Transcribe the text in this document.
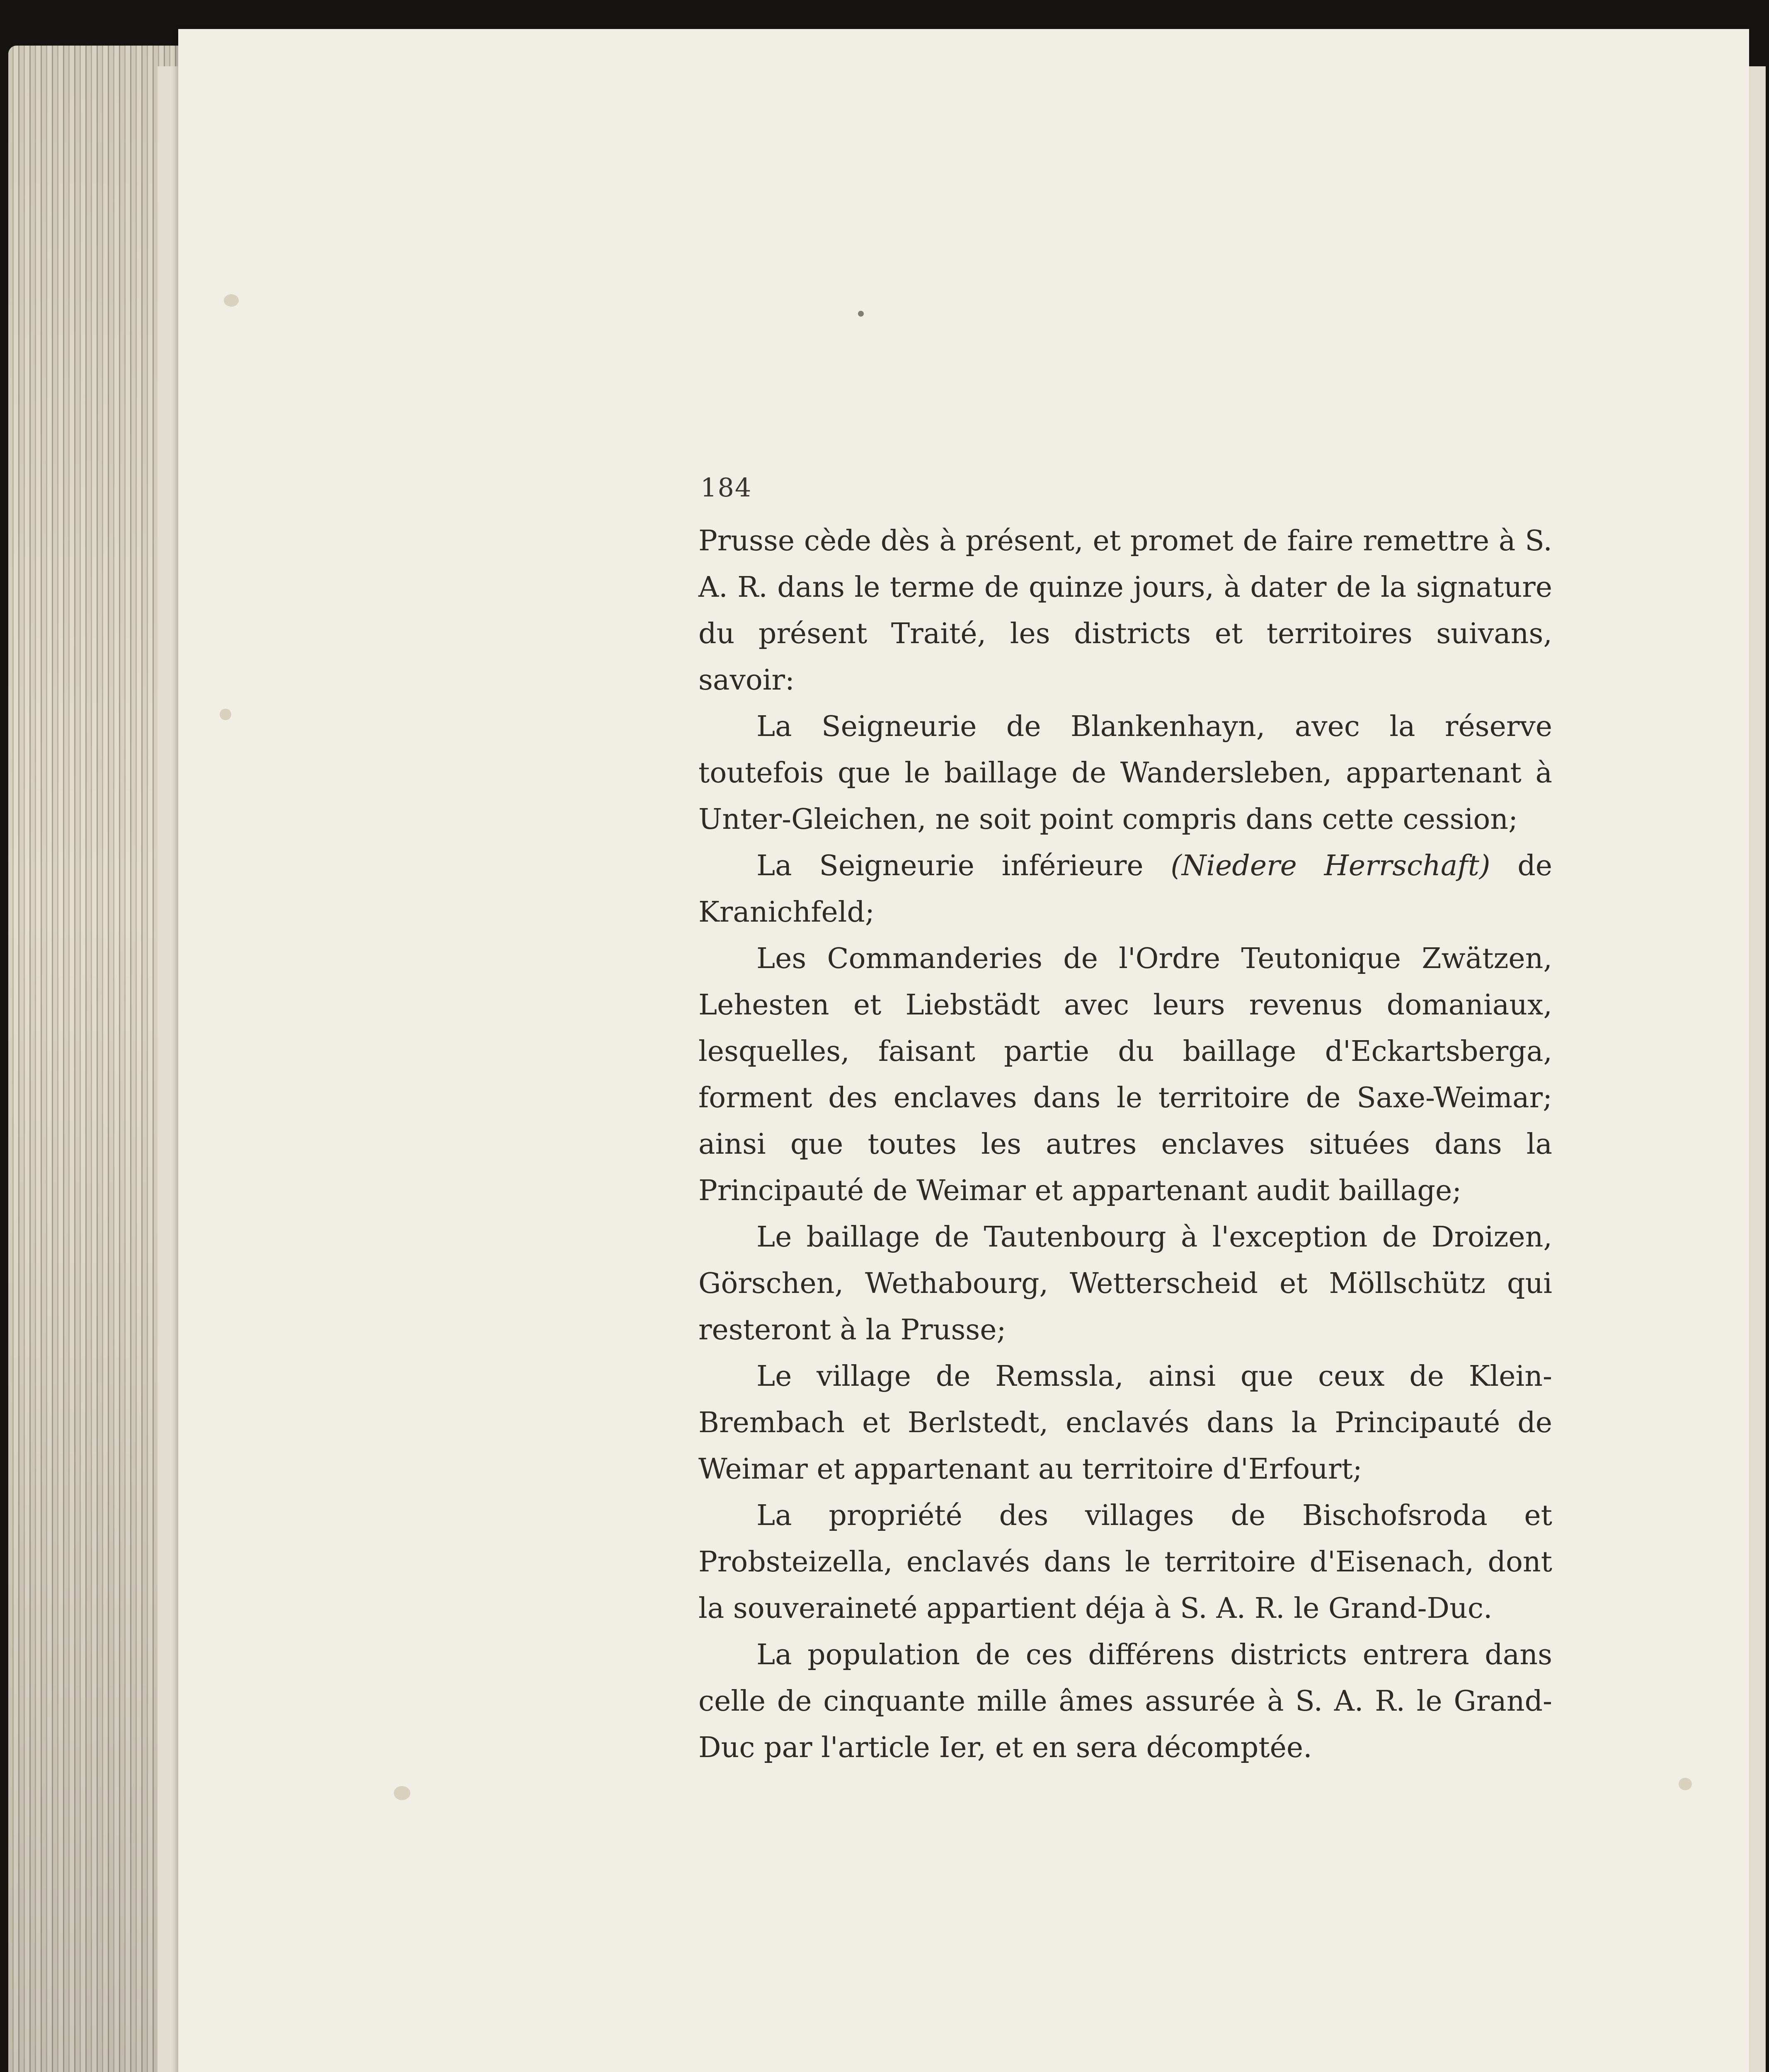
184

Prusse cède dès à présent, et promet de faire remettre à S. A. R. dans le terme de quinze jours, à dater de la signature du présent Traité, les districts et territoires suivans, savoir:

La Seigneurie de Blankenhayn, avec la réserve toutefois que le baillage de Wandersleben, appartenant à Unter-Gleichen, ne soit point compris dans cette cession;

La Seigneurie inférieure (Niedere Herrschaft) de Kranichfeld;

Les Commanderies de l'Ordre Teutonique Zwätzen, Lehesten et Liebstädt avec leurs revenus domaniaux, lesquelles, faisant partie du baillage d'Eckartsberga, forment des enclaves dans le territoire de Saxe-Weimar; ainsi que toutes les autres enclaves situées dans la Principauté de Weimar et appartenant audit baillage;

Le baillage de Tautenbourg à l'exception de Droizen, Görschen, Wethabourg, Wetterscheid et Möllschütz qui resteront à la Prusse;

Le village de Remssla, ainsi que ceux de Klein-Brembach et Berlstedt, enclavés dans la Principauté de Weimar et appartenant au territoire d'Erfourt;

La propriété des villages de Bischofsroda et Probsteizella, enclavés dans le territoire d'Eisenach, dont la souveraineté appartient déja à S. A. R. le Grand-Duc.

La population de ces différens districts entrera dans celle de cinquante mille âmes assurée à S. A. R. le Grand-Duc par l'article Ier, et en sera décomptée.
